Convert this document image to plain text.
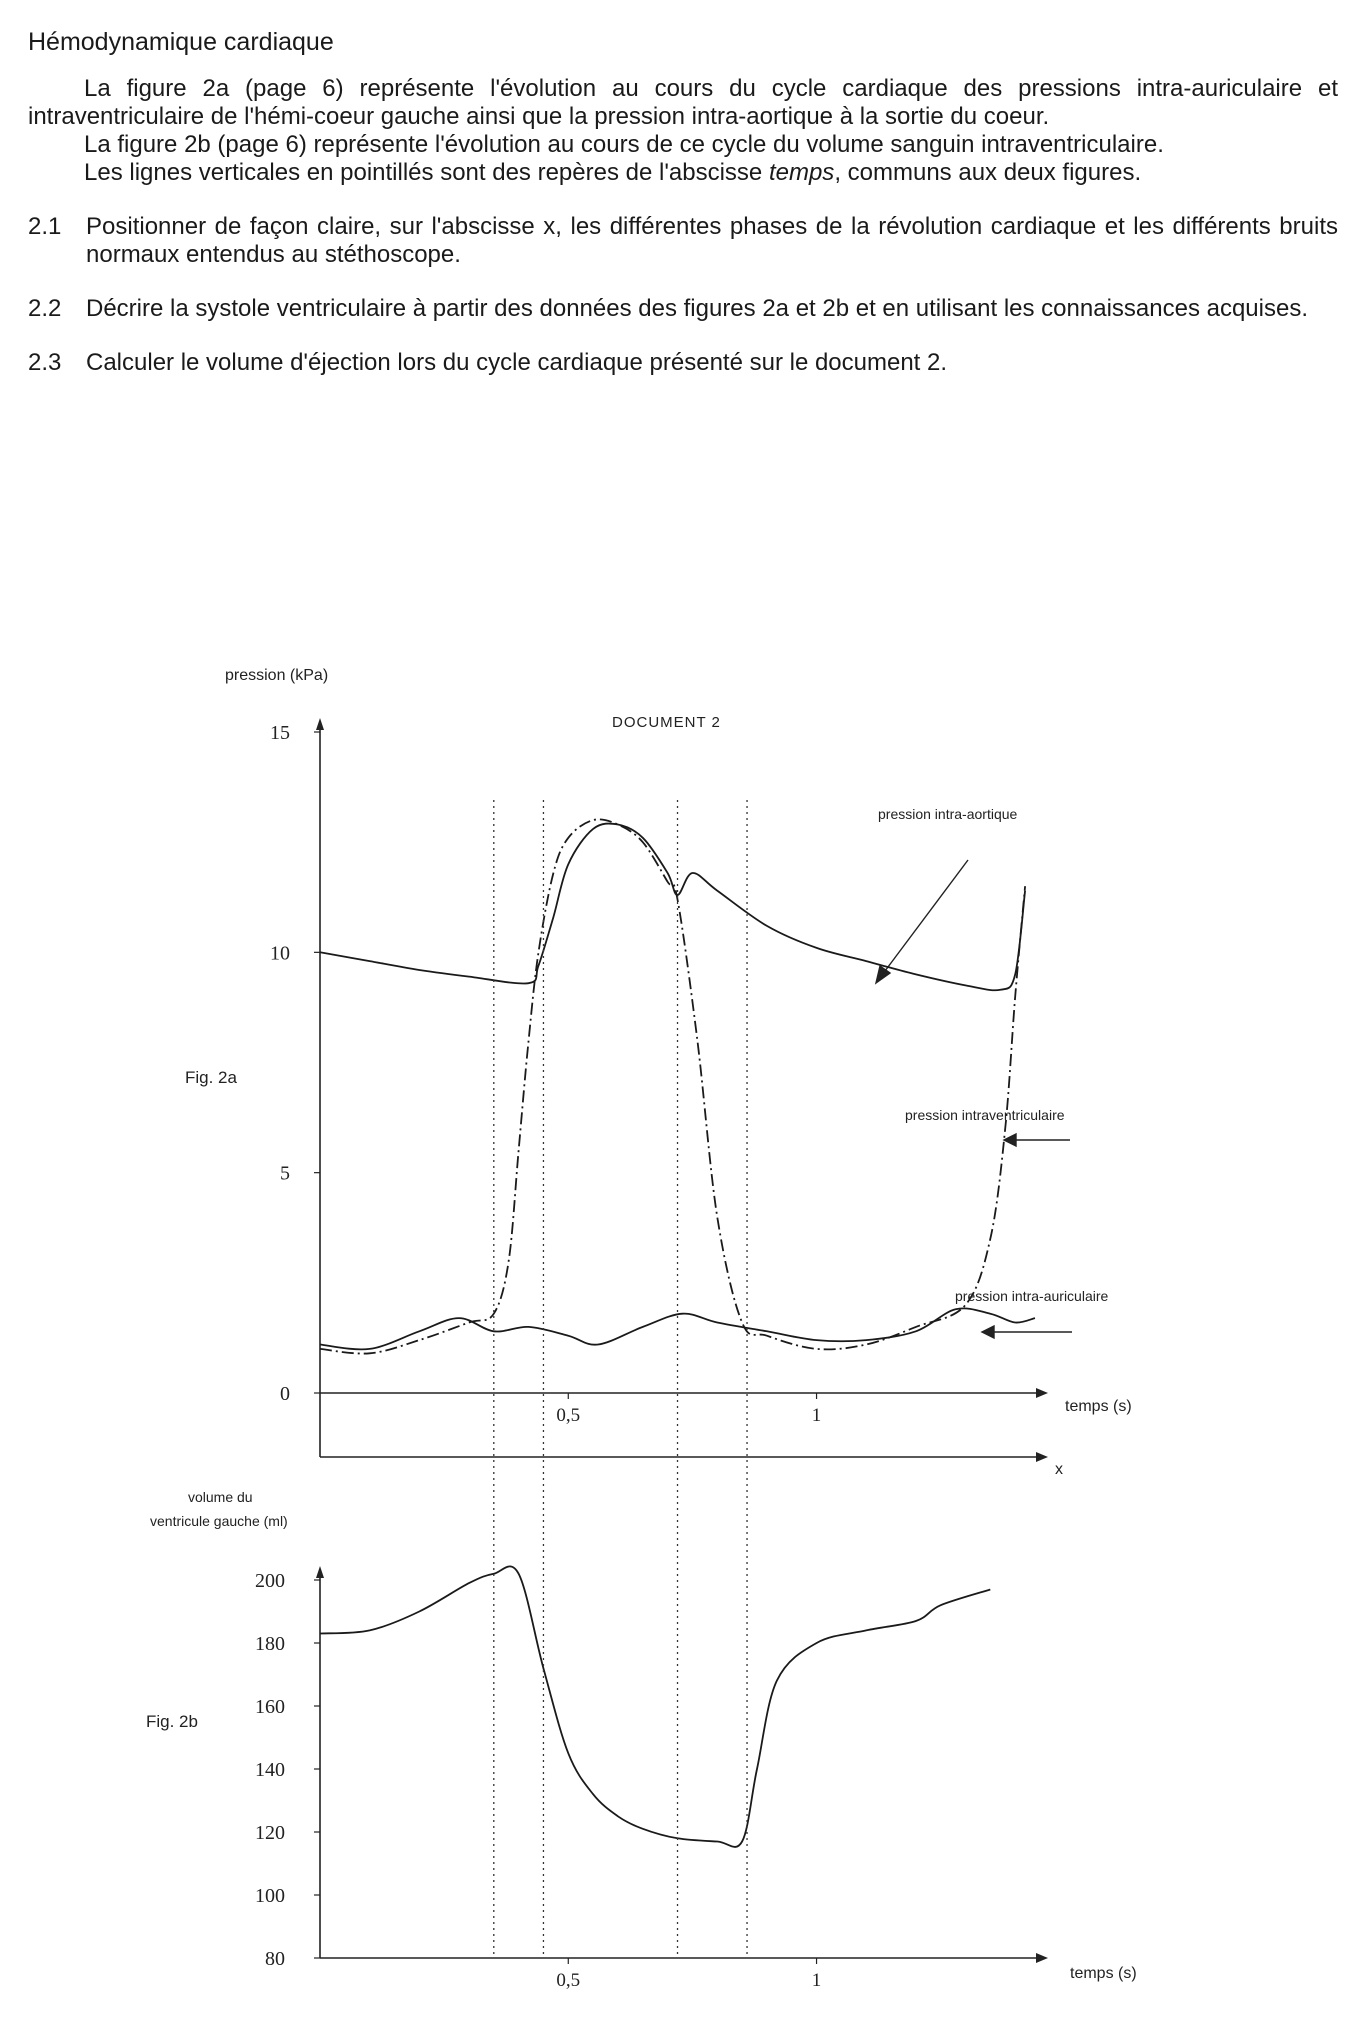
Hémodynamique cardiaque

La figure 2a (page 6) représente l'évolution au cours du cycle cardiaque des pressions intra-auriculaire et intraventriculaire de l'hémi-coeur gauche ainsi que la pression intra-aortique à la sortie du coeur.

La figure 2b (page 6) représente l'évolution au cours de ce cycle du volume sanguin intraventriculaire.

Les lignes verticales en pointillés sont des repères de l'abscisse temps, communs aux deux figures.

2.1	Positionner de façon claire, sur l'abscisse x, les différentes phases de la révolution cardiaque et les différents bruits normaux entendus au stéthoscope.
2.2	Décrire la systole ventriculaire à partir des données des figures 2a et 2b et en utilisant les connaissances acquises.
2.3	Calculer le volume d'éjection lors du cycle cardiaque présenté sur le document 2.
pression (kPa)
DOCUMENT 2
Fig. 2a
temps (s)
x
pression intra-aortique
pression intraventriculaire
pression intra-auriculaire
volume du
ventricule gauche (ml)
Fig. 2b
temps (s)
0
5
10
15
0,5	1
80
100
120
140
160
180
200
0,5	1
